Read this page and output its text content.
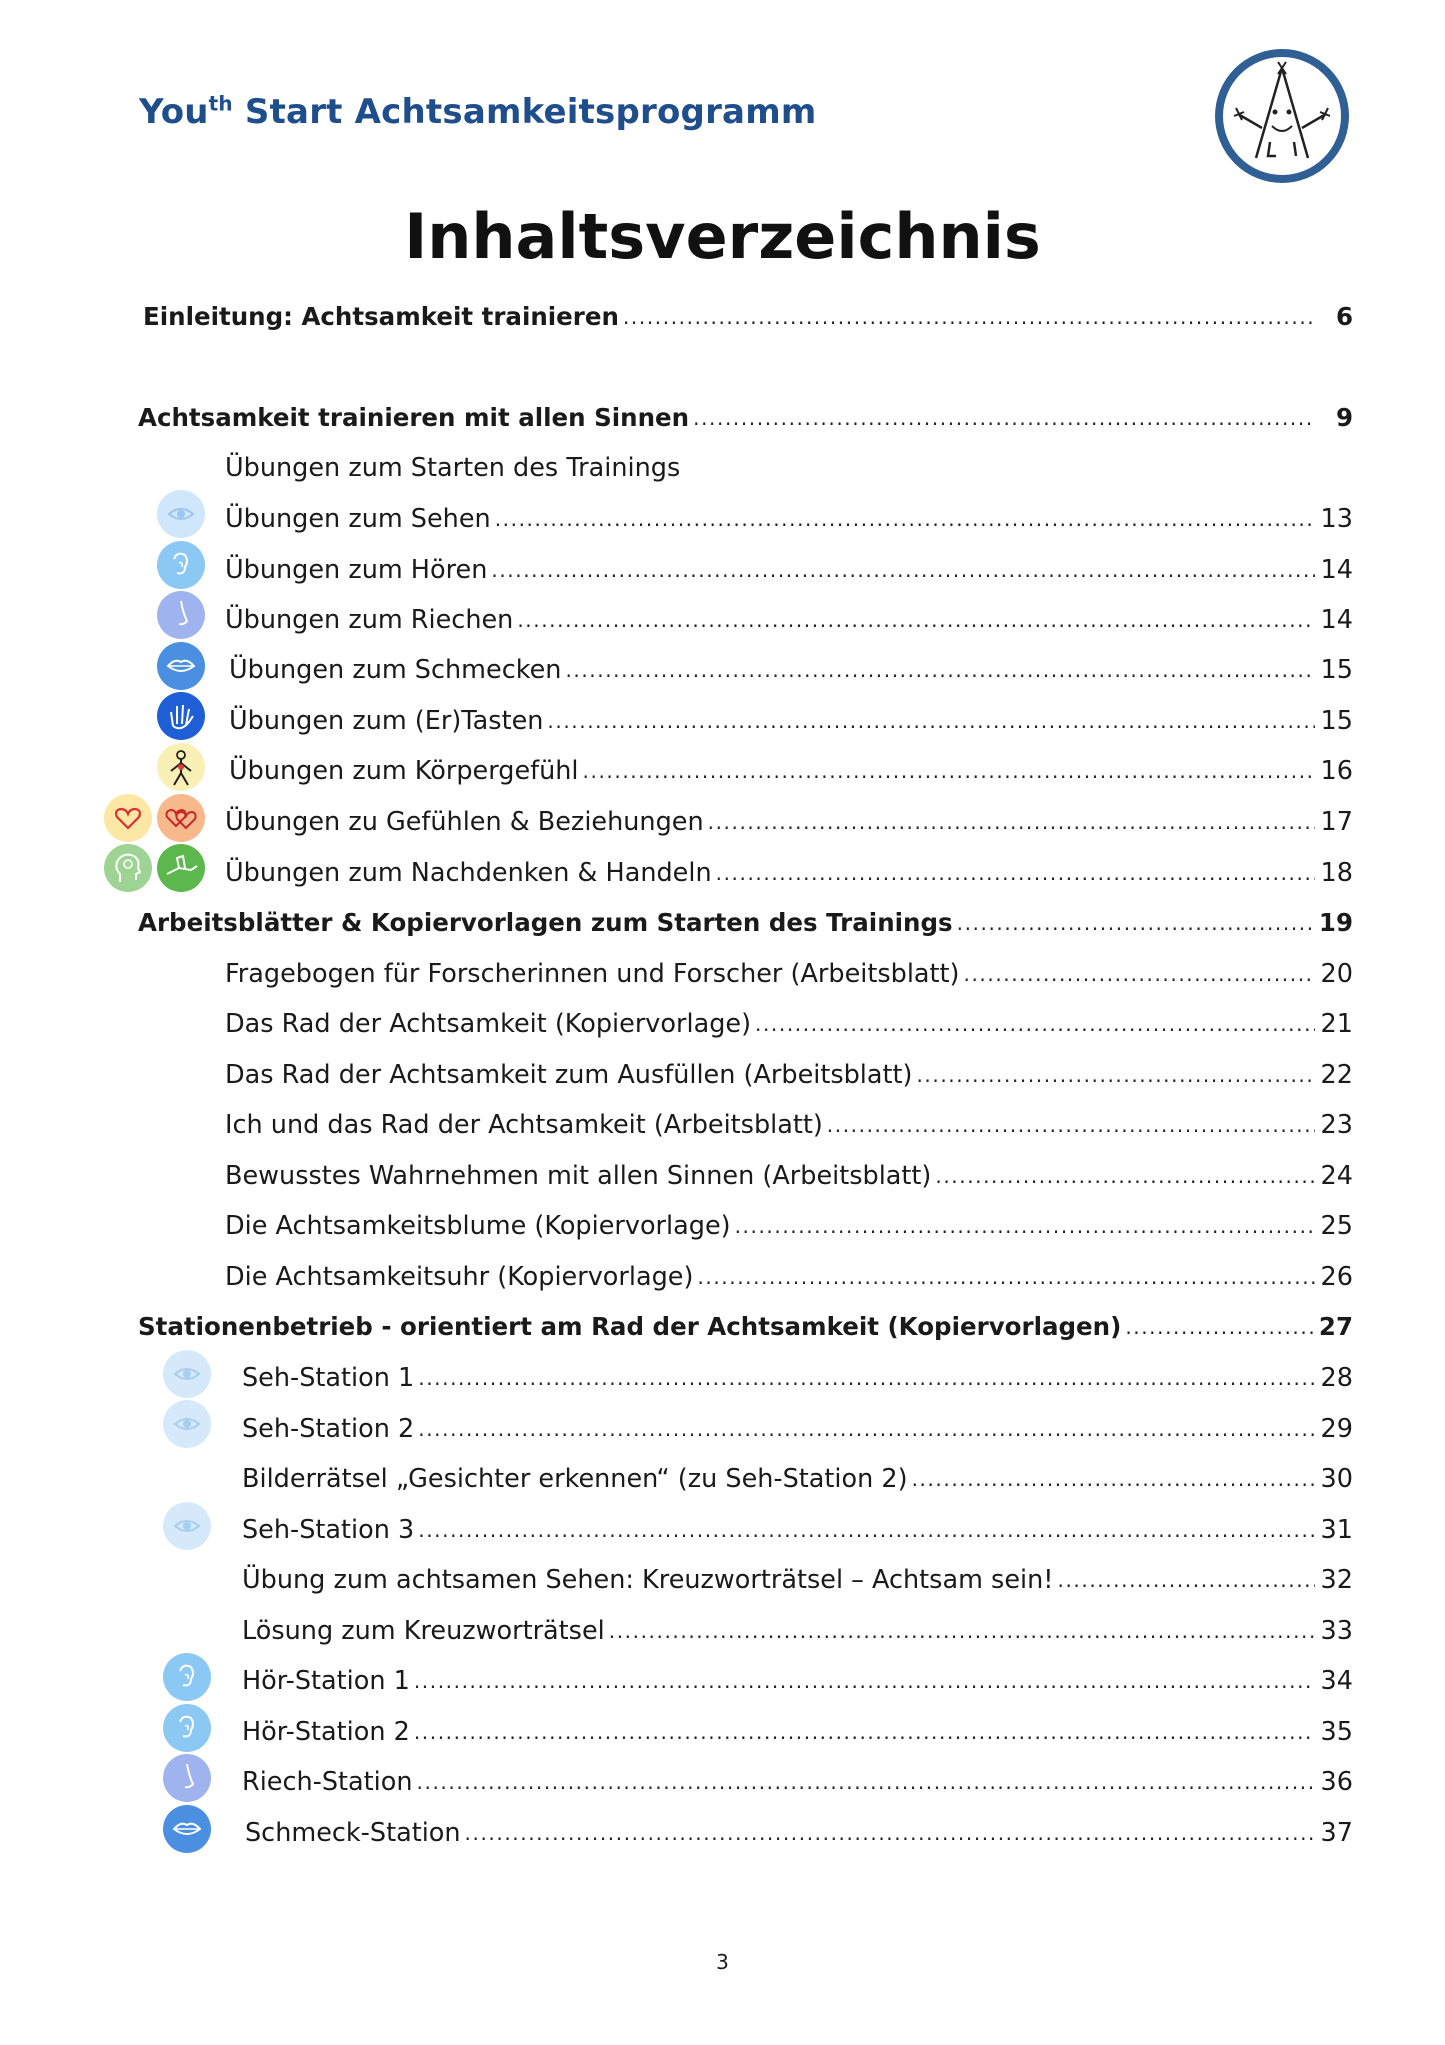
You$^{th}$ Start Achtsamkeitsprogramm
Inhaltsverzeichnis
Einleitung: Achtsamkeit trainieren .....	6
Achtsamkeit trainieren mit allen Sinnen .....	9
Übungen zum Starten des Trainings
Übungen zum Sehen .....	13
Übungen zum Hören .....	14
Übungen zum Riechen .....	14
Übungen zum Schmecken .....	15
Übungen zum (Er)Tasten .....	15
Übungen zum Körpergefühl .....	16
Übungen zu Gefühlen & Beziehungen .....	17
Übungen zum Nachdenken & Handeln .....	18
Arbeitsblätter & Kopiervorlagen zum Starten des Trainings .....	19
Fragebogen für Forscherinnen und Forscher (Arbeitsblatt) .....	20
Das Rad der Achtsamkeit (Kopiervorlage) .....	21
Das Rad der Achtsamkeit zum Ausfüllen (Arbeitsblatt) .....	22
Ich und das Rad der Achtsamkeit (Arbeitsblatt) .....	23
Bewusstes Wahrnehmen mit allen Sinnen (Arbeitsblatt) .....	24
Die Achtsamkeitsblume (Kopiervorlage) .....	25
Die Achtsamkeitsuhr (Kopiervorlage) .....	26
Stationenbetrieb - orientiert am Rad der Achtsamkeit (Kopiervorlagen) .....	27
Seh-Station 1 .....	28
Seh-Station 2 .....	29
Bilderrätsel „Gesichter erkennen“ (zu Seh-Station 2) .....	30
Seh-Station 3 .....	31
Übung zum achtsamen Sehen: Kreuzworträtsel – Achtsam sein! .....	32
Lösung zum Kreuzworträtsel .....	33
Hör-Station 1 .....	34
Hör-Station 2 .....	35
Riech-Station .....	36
Schmeck-Station .....	37
3
